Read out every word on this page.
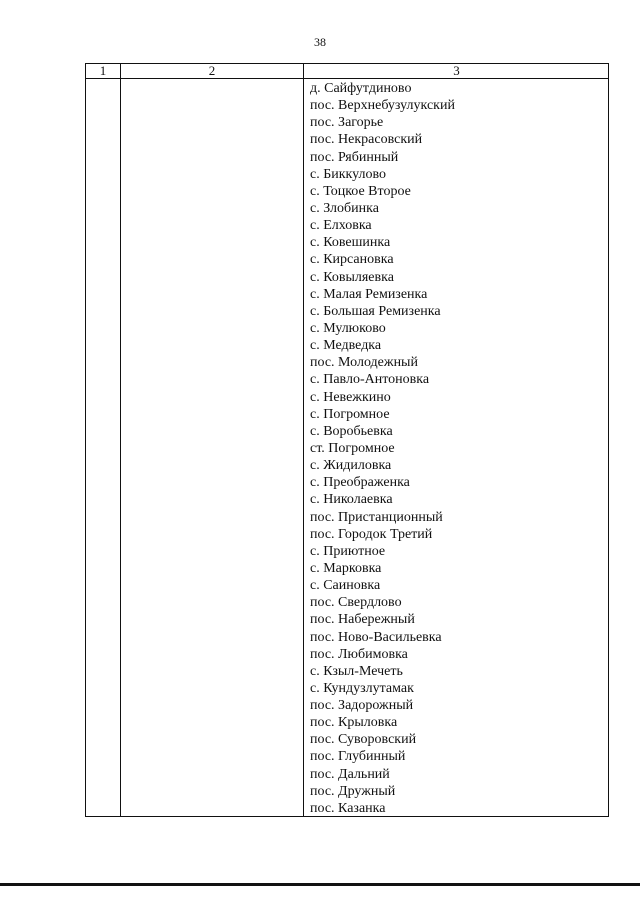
38
1	2	3
д. Сайфутдиново
пос. Верхнебузулукский
пос. Загорье
пос. Некрасовский
пос. Рябинный
с. Биккулово
с. Тоцкое Второе
с. Злобинка
с. Елховка
с. Ковешинка
с. Кирсановка
с. Ковыляевка
с. Малая Ремизенка
с. Большая Ремизенка
с. Мулюково
с. Медведка
пос. Молодежный
с. Павло-Антоновка
с. Невежкино
с. Погромное
с. Воробьевка
ст. Погромное
с. Жидиловка
с. Преображенка
с. Николаевка
пос. Пристанционный
пос. Городок Третий
с. Приютное
с. Марковка
с. Саиновка
пос. Свердлово
пос. Набережный
пос. Ново-Васильевка
пос. Любимовка
с. Кзыл-Мечеть
с. Кундузлутамак
пос. Задорожный
пос. Крыловка
пос. Суворовский
пос. Глубинный
пос. Дальний
пос. Дружный
пос. Казанка
